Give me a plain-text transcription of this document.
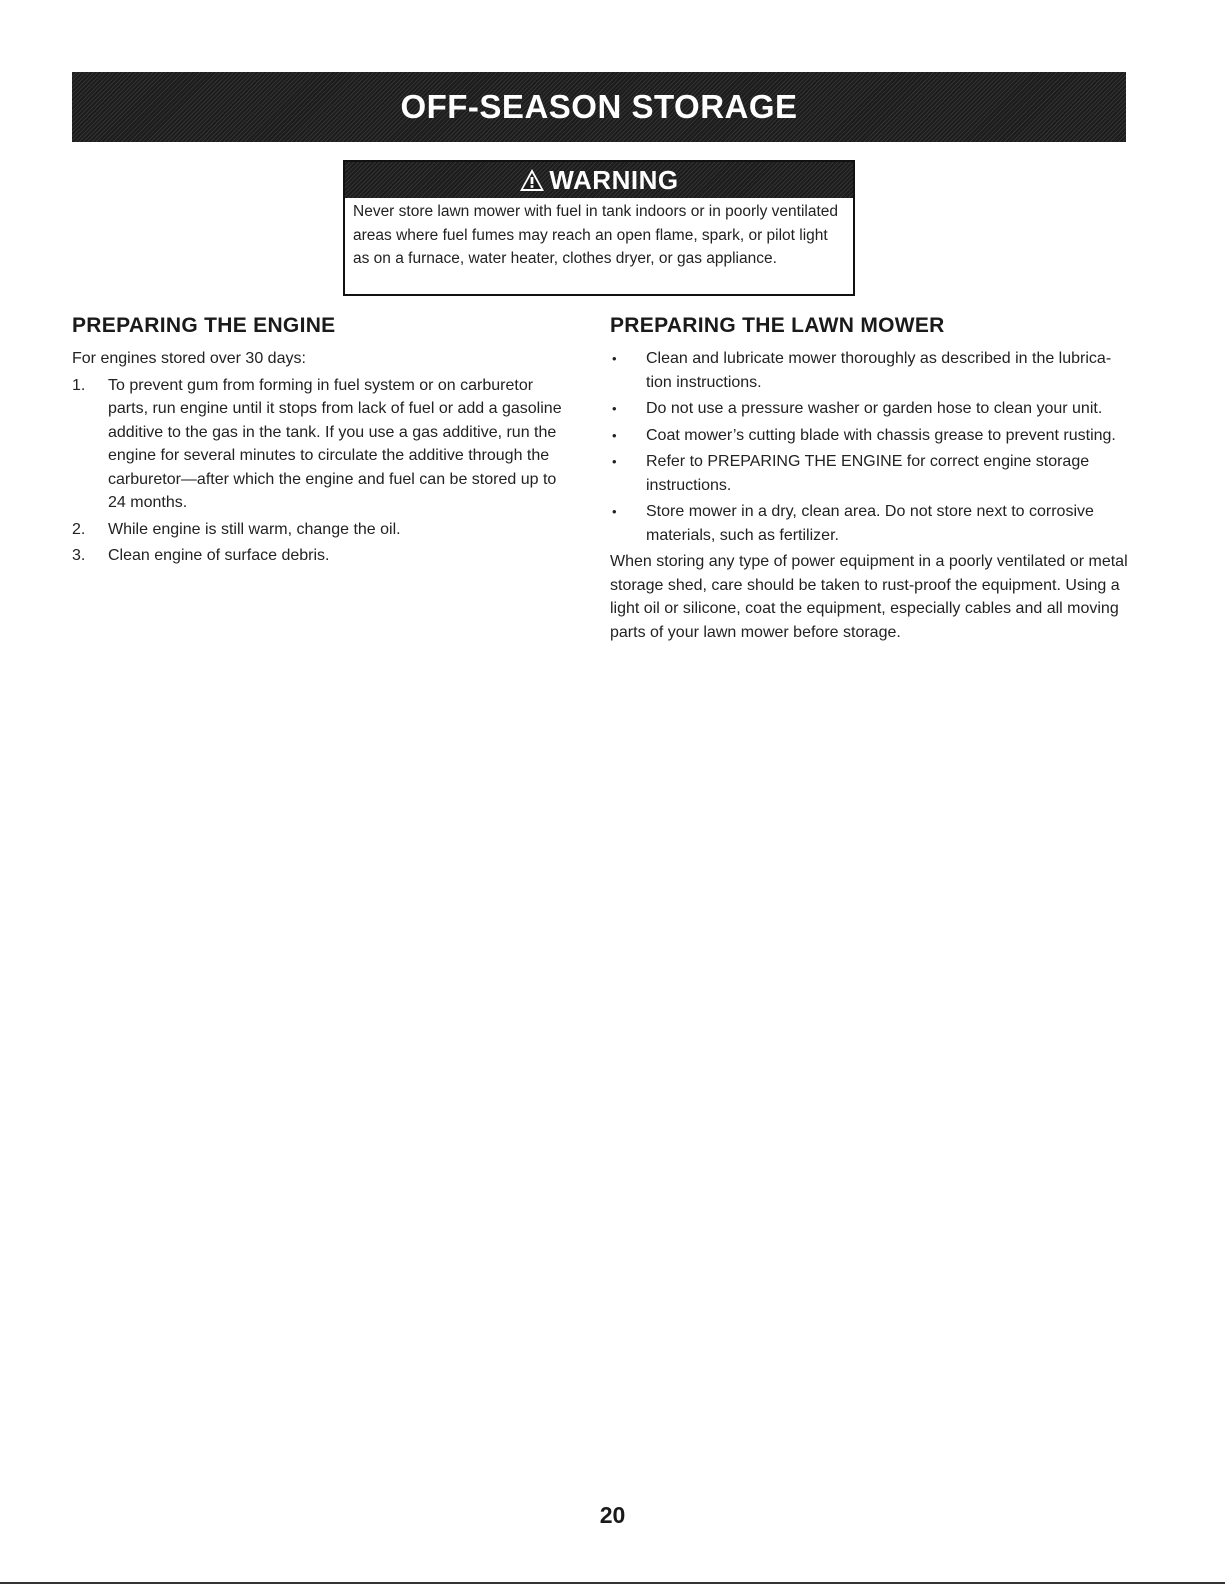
OFF-SEASON STORAGE
WARNING
Never store lawn mower with fuel in tank indoors or in poorly ventilated areas where fuel fumes may reach an open flame, spark, or pilot light as on a furnace, water heater, clothes dryer, or gas appliance.
PREPARING THE ENGINE

For engines stored over 30 days:

1.	To prevent gum from forming in fuel system or on carburetor parts, run engine until it stops from lack of fuel or add a gasoline additive to the gas in the tank. If you use a gas additive, run the engine for several minutes to circulate the additive through the carburetor—after which the engine and fuel can be stored up to 24 months.
2.	While engine is still warm, change the oil.
3.	Clean engine of surface debris.
PREPARING THE LAWN MOWER
•	Clean and lubricate mower thoroughly as described in the lubrica-tion instructions.
•	Do not use a pressure washer or garden hose to clean your unit.
•	Coat mower’s cutting blade with chassis grease to prevent rusting.
•	Refer to PREPARING THE ENGINE for correct engine storage instructions.
•	Store mower in a dry, clean area. Do not store next to corrosive materials, such as fertilizer.

When storing any type of power equipment in a poorly ventilated or metal storage shed, care should be taken to rust-proof the equipment. Using a light oil or silicone, coat the equipment, especially cables and all moving parts of your lawn mower before storage.

20
